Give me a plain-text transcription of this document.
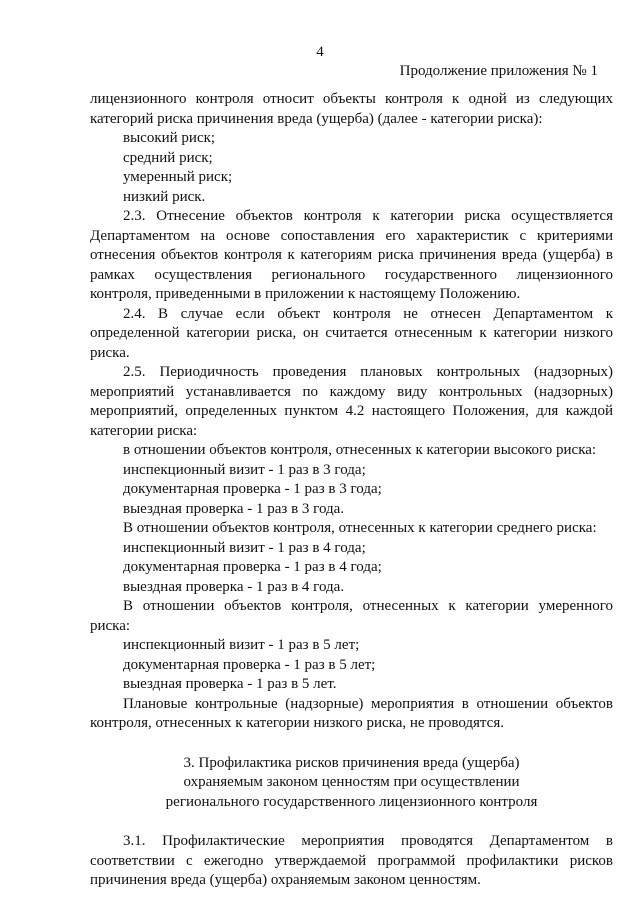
4
Продолжение приложения № 1

лицензионного контроля относит объекты контроля к одной из следующих

категорий риска причинения вреда (ущерба) (далее - категории риска):

высокий риск;

средний риск;

умеренный риск;

низкий риск.

2.3. Отнесение объектов контроля к категории риска осуществляется

Департаментом на основе сопоставления его характеристик с критериями

отнесения объектов контроля к категориям риска причинения вреда (ущерба) в

рамках осуществления регионального государственного лицензионного

контроля, приведенными в приложении к настоящему Положению.

2.4. В случае если объект контроля не отнесен Департаментом к

определенной категории риска, он считается отнесенным к категории низкого

риска.

2.5. Периодичность проведения плановых контрольных (надзорных)

мероприятий устанавливается по каждому виду контрольных (надзорных)

мероприятий, определенных пунктом 4.2 настоящего Положения, для каждой

категории риска:

в отношении объектов контроля, отнесенных к категории высокого риска:

инспекционный визит - 1 раз в 3 года;

документарная проверка - 1 раз в 3 года;

выездная проверка - 1 раз в 3 года.

В отношении объектов контроля, отнесенных к категории среднего риска:

инспекционный визит - 1 раз в 4 года;

документарная проверка - 1 раз в 4 года;

выездная проверка - 1 раз в 4 года.

В отношении объектов контроля, отнесенных к категории умеренного

риска:

инспекционный визит - 1 раз в 5 лет;

документарная проверка - 1 раз в 5 лет;

выездная проверка - 1 раз в 5 лет.

Плановые контрольные (надзорные) мероприятия в отношении объектов

контроля, отнесенных к категории низкого риска, не проводятся.

3. Профилактика рисков причинения вреда (ущерба)
охраняемым законом ценностям при осуществлении
регионального государственного лицензионного контроля

3.1. Профилактические мероприятия проводятся Департаментом в

соответствии с ежегодно утверждаемой программой профилактики рисков

причинения вреда (ущерба) охраняемым законом ценностям.
